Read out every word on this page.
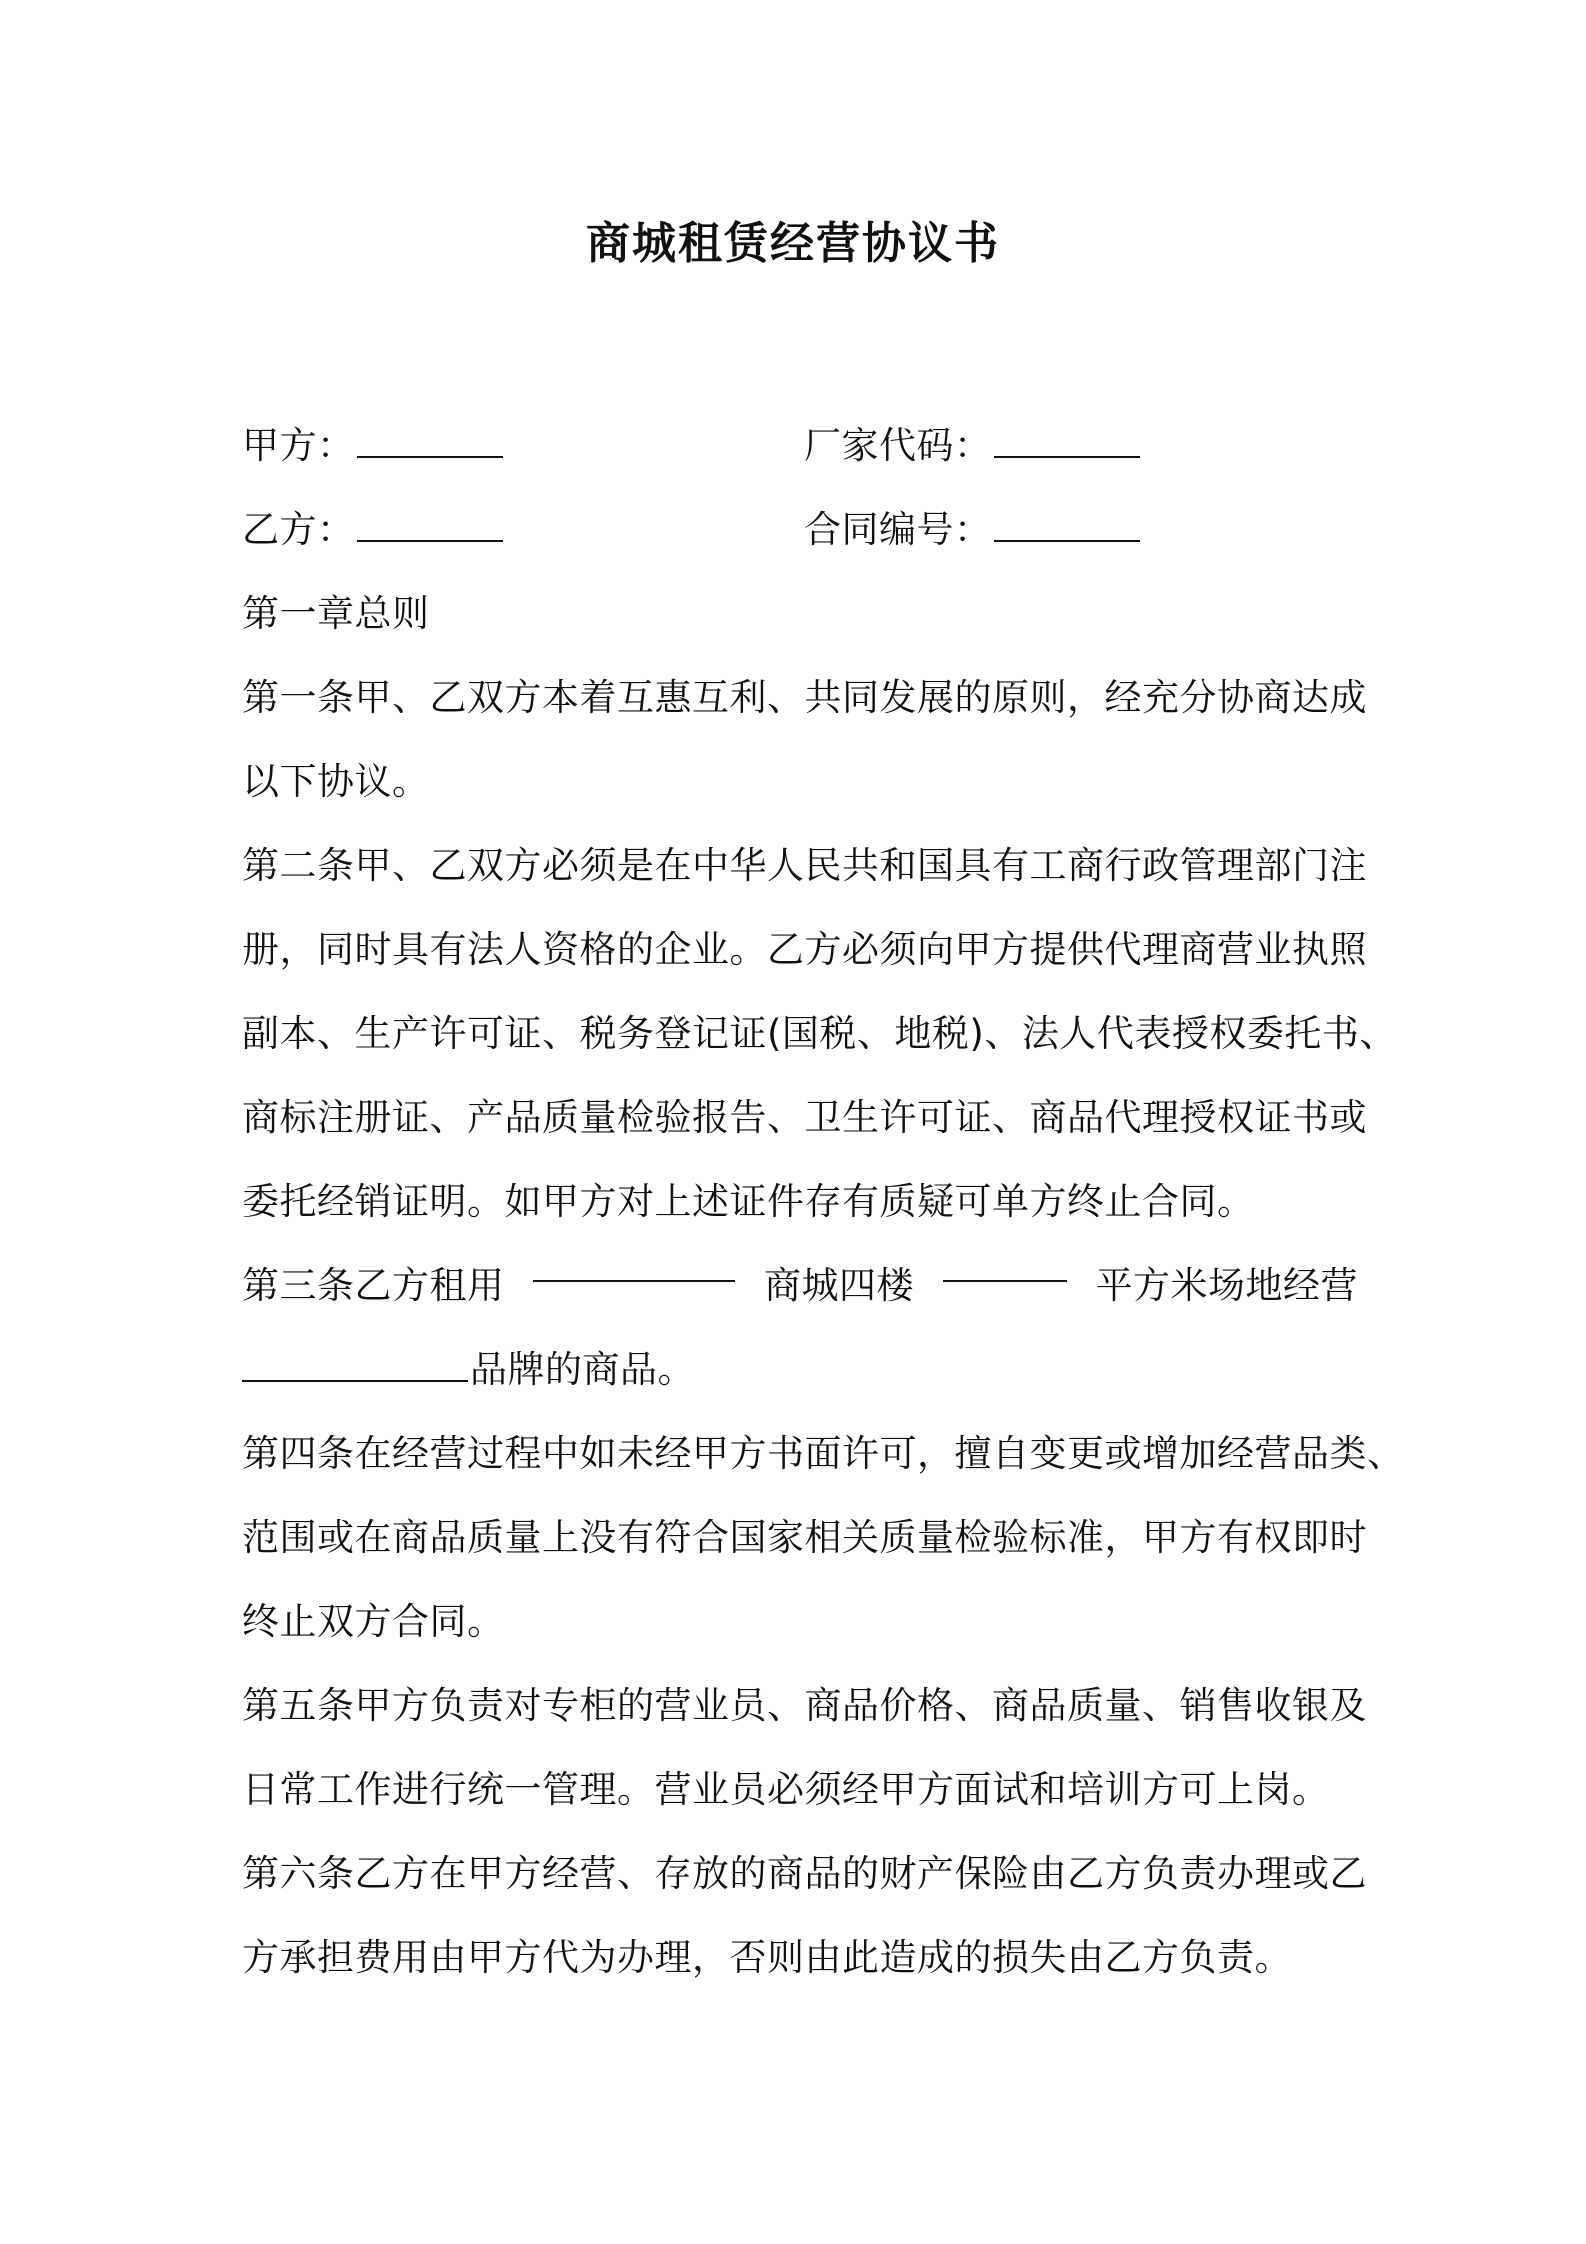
商城租赁经营协议书
甲方：	厂家代码：
乙方：	合同编号：
第一章总则
第一条甲、乙双方本着互惠互利、共同发展的原则，经充分协商达成
以下协议。
第二条甲、乙双方必须是在中华人民共和国具有工商行政管理部门注
册，同时具有法人资格的企业。乙方必须向甲方提供代理商营业执照
副本、生产许可证、税务登记证(国税、地税)、法人代表授权委托书、
商标注册证、产品质量检验报告、卫生许可证、商品代理授权证书或
委托经销证明。如甲方对上述证件存有质疑可单方终止合同。
第三条乙方租用	商城四楼	平方米场地经营
品牌的商品。
第四条在经营过程中如未经甲方书面许可，擅自变更或增加经营品类、
范围或在商品质量上没有符合国家相关质量检验标准，甲方有权即时
终止双方合同。
第五条甲方负责对专柜的营业员、商品价格、商品质量、销售收银及
日常工作进行统一管理。营业员必须经甲方面试和培训方可上岗。
第六条乙方在甲方经营、存放的商品的财产保险由乙方负责办理或乙
方承担费用由甲方代为办理，否则由此造成的损失由乙方负责。
